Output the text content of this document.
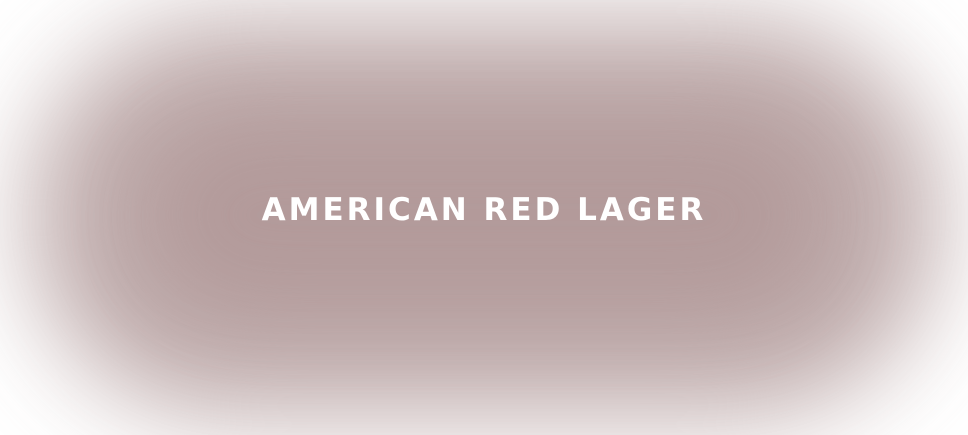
AMERICAN RED LAGER
